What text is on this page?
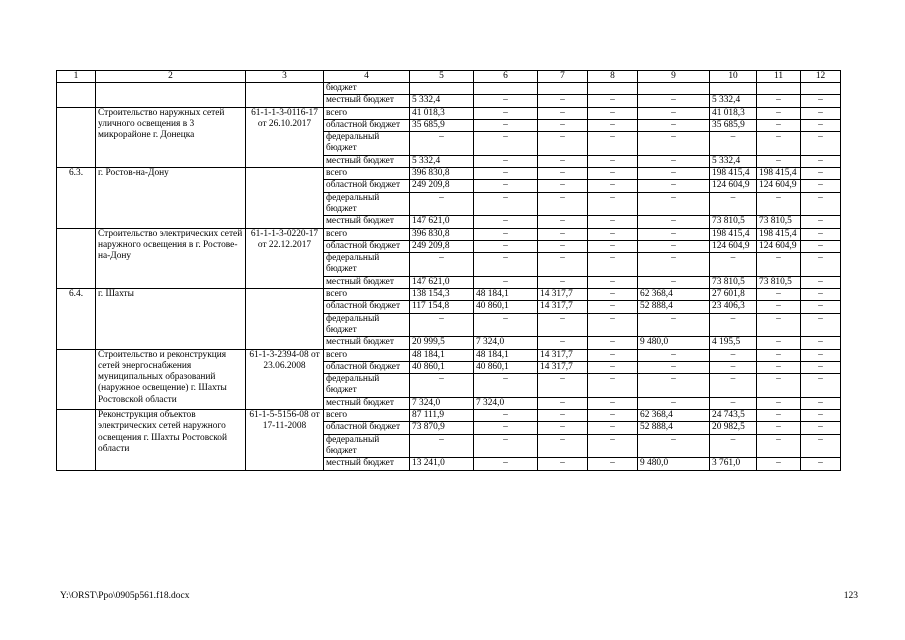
1	2	3	4	5	6	7	8	9	10	11	12
			бюджет								
			местный бюджет	5 332,4	–	–	–	–	5 332,4	–	–
	Строительство наружных сетей уличного освещения в 3 микрорайоне г. Донецка	61-1-1-3-0116-17 от 26.10.2017	всего	41 018,3	–	–	–	–	41 018,3	–	–
			областной бюджет	35 685,9	–	–	–	–	35 685,9	–	–
			федеральный бюджет	–	–	–	–	–	–	–	–
			местный бюджет	5 332,4	–	–	–	–	5 332,4	–	–
6.3.	г. Ростов-на-Дону		всего	396 830,8	–	–	–	–	198 415,4	198 415,4	–
			областной бюджет	249 209,8	–	–	–	–	124 604,9	124 604,9	–
			федеральный бюджет	–	–	–	–	–	–	–	–
			местный бюджет	147 621,0	–	–	–	–	73 810,5	73 810,5	–
	Строительство электрических сетей наружного освещения в г. Ростове-на-Дону	61-1-1-3-0220-17 от 22.12.2017	всего	396 830,8	–	–	–	–	198 415,4	198 415,4	–
			областной бюджет	249 209,8	–	–	–	–	124 604,9	124 604,9	–
			федеральный бюджет	–	–	–	–	–	–	–	–
			местный бюджет	147 621,0	–	–	–	–	73 810,5	73 810,5	–
6.4.	г. Шахты		всего	138 154,3	48 184,1	14 317,7	–	62 368,4	27 601,8	–	–
			областной бюджет	117 154,8	40 860,1	14 317,7	–	52 888,4	23 406,3	–	–
			федеральный бюджет	–	–	–	–	–	–	–	–
			местный бюджет	20 999,5	7 324,0	–	–	9 480,0	4 195,5	–	–
	Строительство и реконструкция сетей энергоснабжения муниципальных образований (наружное освещение) г. Шахты Ростовской области	61-1-3-2394-08 от 23.06.2008	всего	48 184,1	48 184,1	14 317,7	–	–	–	–	–
			областной бюджет	40 860,1	40 860,1	14 317,7	–	–	–	–	–
			федеральный бюджет	–	–	–	–	–	–	–	–
			местный бюджет	7 324,0	7 324,0	–	–	–	–	–	–
	Реконструкция объектов электрических сетей наружного освещения г. Шахты Ростовской области	61-1-5-5156-08 от 17-11-2008	всего	87 111,9	–	–	–	62 368,4	24 743,5	–	–
			областной бюджет	73 870,9	–	–	–	52 888,4	20 982,5	–	–
			федеральный бюджет	–	–	–	–	–	–	–	–
			местный бюджет	13 241,0	–	–	–	9 480,0	3 761,0	–	–
Y:\ORST\Ppo\0905p561.f18.docx	123
